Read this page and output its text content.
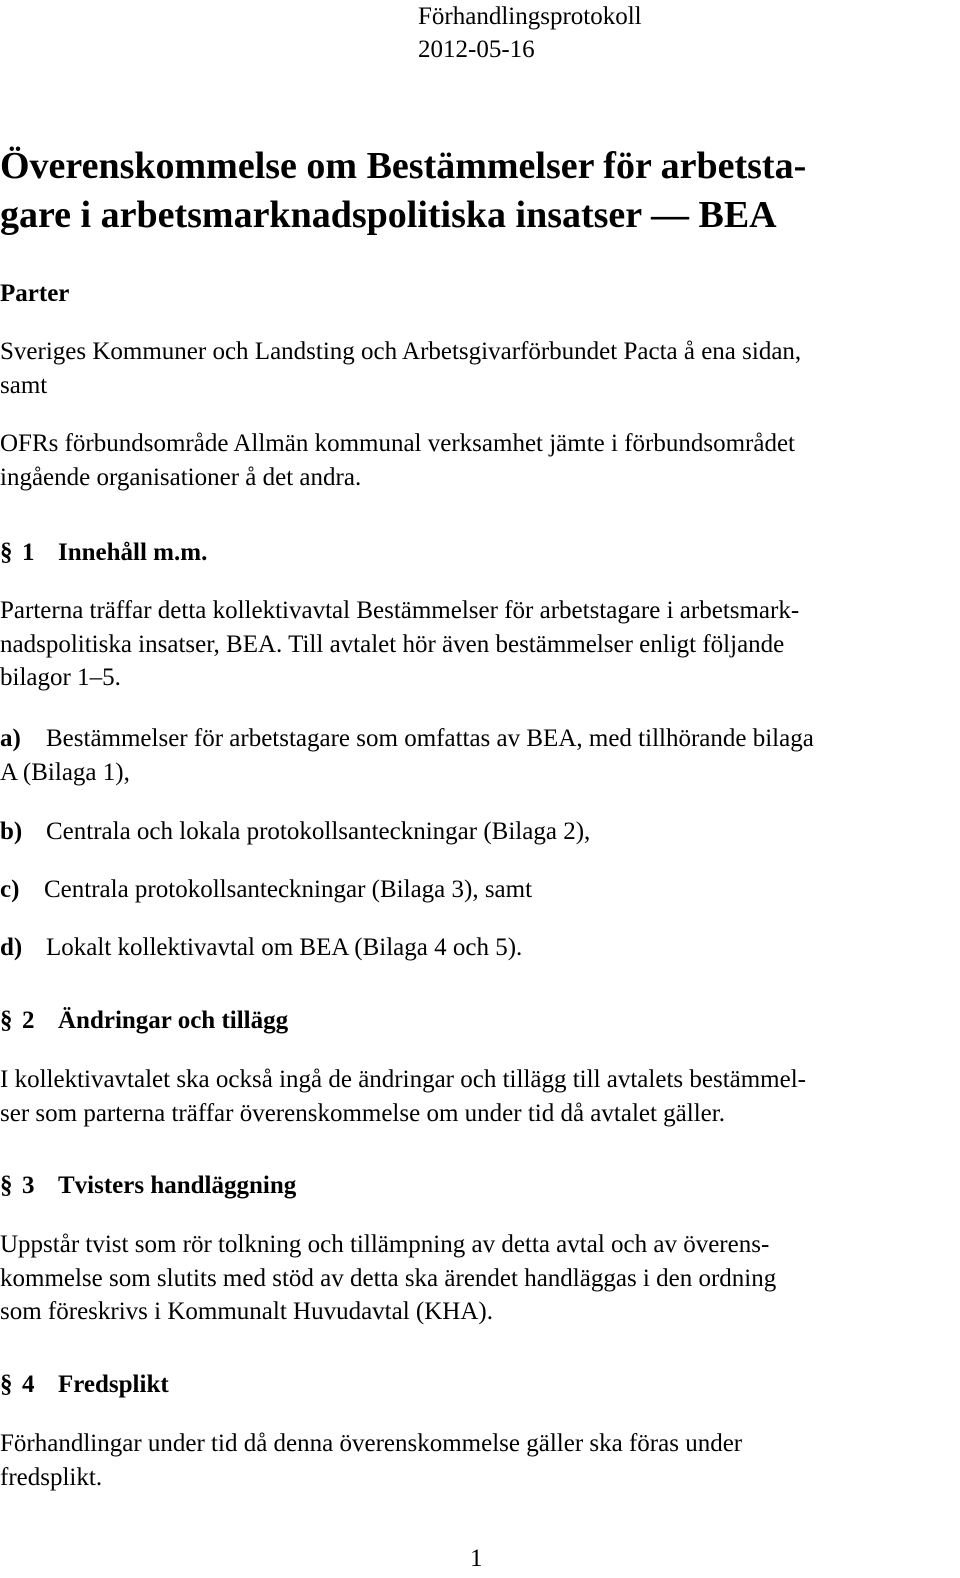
Förhandlingsprotokoll
2012-05-16
Överenskommelse om Bestämmelser för arbetsta-
gare i arbetsmarknadspolitiska insatser — BEA
Parter
Sveriges Kommuner och Landsting och Arbetsgivarförbundet Pacta å ena sidan,
samt
OFRs förbundsområde Allmän kommunal verksamhet jämte i förbundsområdet
ingående organisationer å det andra.
§ 1 Innehåll m.m.
Parterna träffar detta kollektivavtal Bestämmelser för arbetstagare i arbetsmark-
nadspolitiska insatser, BEA. Till avtalet hör även bestämmelser enligt följande
bilagor 1–5.
a) Bestämmelser för arbetstagare som omfattas av BEA, med tillhörande bilaga
A (Bilaga 1),
b) Centrala och lokala protokollsanteckningar (Bilaga 2),
c) Centrala protokollsanteckningar (Bilaga 3), samt
d) Lokalt kollektivavtal om BEA (Bilaga 4 och 5).
§ 2 Ändringar och tillägg
I kollektivavtalet ska också ingå de ändringar och tillägg till avtalets bestämmel-
ser som parterna träffar överenskommelse om under tid då avtalet gäller.
§ 3 Tvisters handläggning
Uppstår tvist som rör tolkning och tillämpning av detta avtal och av överens-
kommelse som slutits med stöd av detta ska ärendet handläggas i den ordning
som föreskrivs i Kommunalt Huvudavtal (KHA).
§ 4 Fredsplikt
Förhandlingar under tid då denna överenskommelse gäller ska föras under
fredsplikt.
1
